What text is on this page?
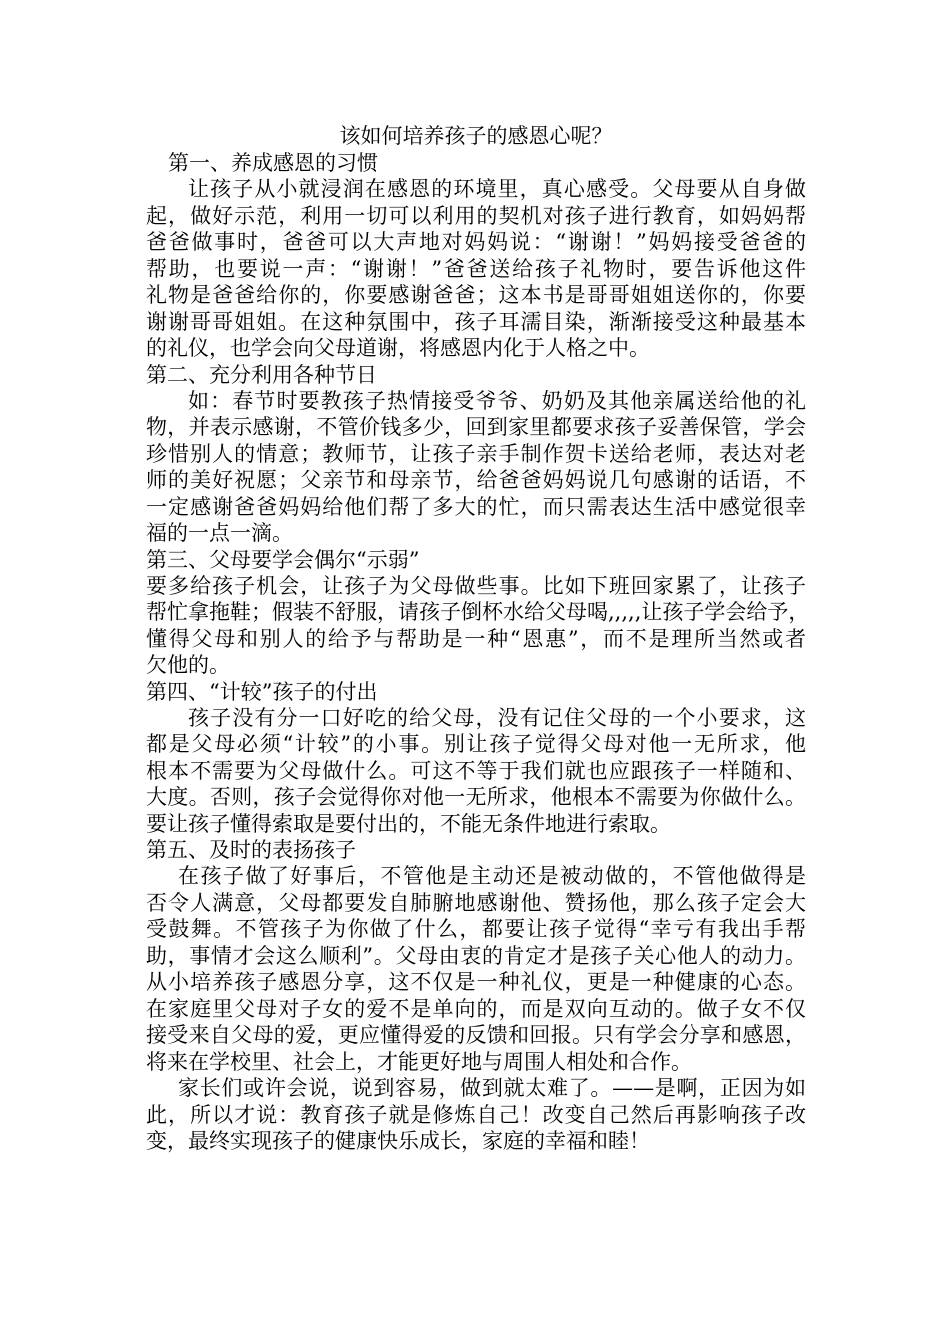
该如何培养孩子的感恩心呢？

第一、养成感恩的习惯

让孩子从小就浸润在感恩的环境里，真心感受。父母要从自身做
起，做好示范，利用一切可以利用的契机对孩子进行教育，如妈妈帮
爸爸做事时，爸爸可以大声地对妈妈说：“谢谢！”妈妈接受爸爸的
帮助，也要说一声：“谢谢！”爸爸送给孩子礼物时，要告诉他这件
礼物是爸爸给你的，你要感谢爸爸；这本书是哥哥姐姐送你的，你要
谢谢哥哥姐姐。在这种氛围中，孩子耳濡目染，渐渐接受这种最基本
的礼仪，也学会向父母道谢，将感恩内化于人格之中。

第二、充分利用各种节日

如：春节时要教孩子热情接受爷爷、奶奶及其他亲属送给他的礼
物，并表示感谢，不管价钱多少，回到家里都要求孩子妥善保管，学会
珍惜别人的情意；教师节，让孩子亲手制作贺卡送给老师，表达对老
师的美好祝愿；父亲节和母亲节，给爸爸妈妈说几句感谢的话语，不
一定感谢爸爸妈妈给他们帮了多大的忙，而只需表达生活中感觉很幸
福的一点一滴。

第三、父母要学会偶尔“示弱”

要多给孩子机会，让孩子为父母做些事。比如下班回家累了，让孩子
帮忙拿拖鞋；假装不舒服，请孩子倒杯水给父母喝,,,,,让孩子学会给予，
懂得父母和别人的给予与帮助是一种“恩惠”，而不是理所当然或者
欠他的。

第四、“计较”孩子的付出

孩子没有分一口好吃的给父母，没有记住父母的一个小要求，这
都是父母必须“计较”的小事。别让孩子觉得父母对他一无所求，他
根本不需要为父母做什么。可这不等于我们就也应跟孩子一样随和、
大度。否则，孩子会觉得你对他一无所求，他根本不需要为你做什么。
要让孩子懂得索取是要付出的，不能无条件地进行索取。

第五、及时的表扬孩子

在孩子做了好事后，不管他是主动还是被动做的，不管他做得是
否令人满意，父母都要发自肺腑地感谢他、赞扬他，那么孩子定会大
受鼓舞。不管孩子为你做了什么，都要让孩子觉得“幸亏有我出手帮
助，事情才会这么顺利”。父母由衷的肯定才是孩子关心他人的动力。
从小培养孩子感恩分享，这不仅是一种礼仪，更是一种健康的心态。
在家庭里父母对子女的爱不是单向的，而是双向互动的。做子女不仅
接受来自父母的爱，更应懂得爱的反馈和回报。只有学会分享和感恩，
将来在学校里、社会上，才能更好地与周围人相处和合作。

家长们或许会说，说到容易，做到就太难了。——是啊，正因为如
此，所以才说：教育孩子就是修炼自己！改变自己然后再影响孩子改
变，最终实现孩子的健康快乐成长，家庭的幸福和睦！
